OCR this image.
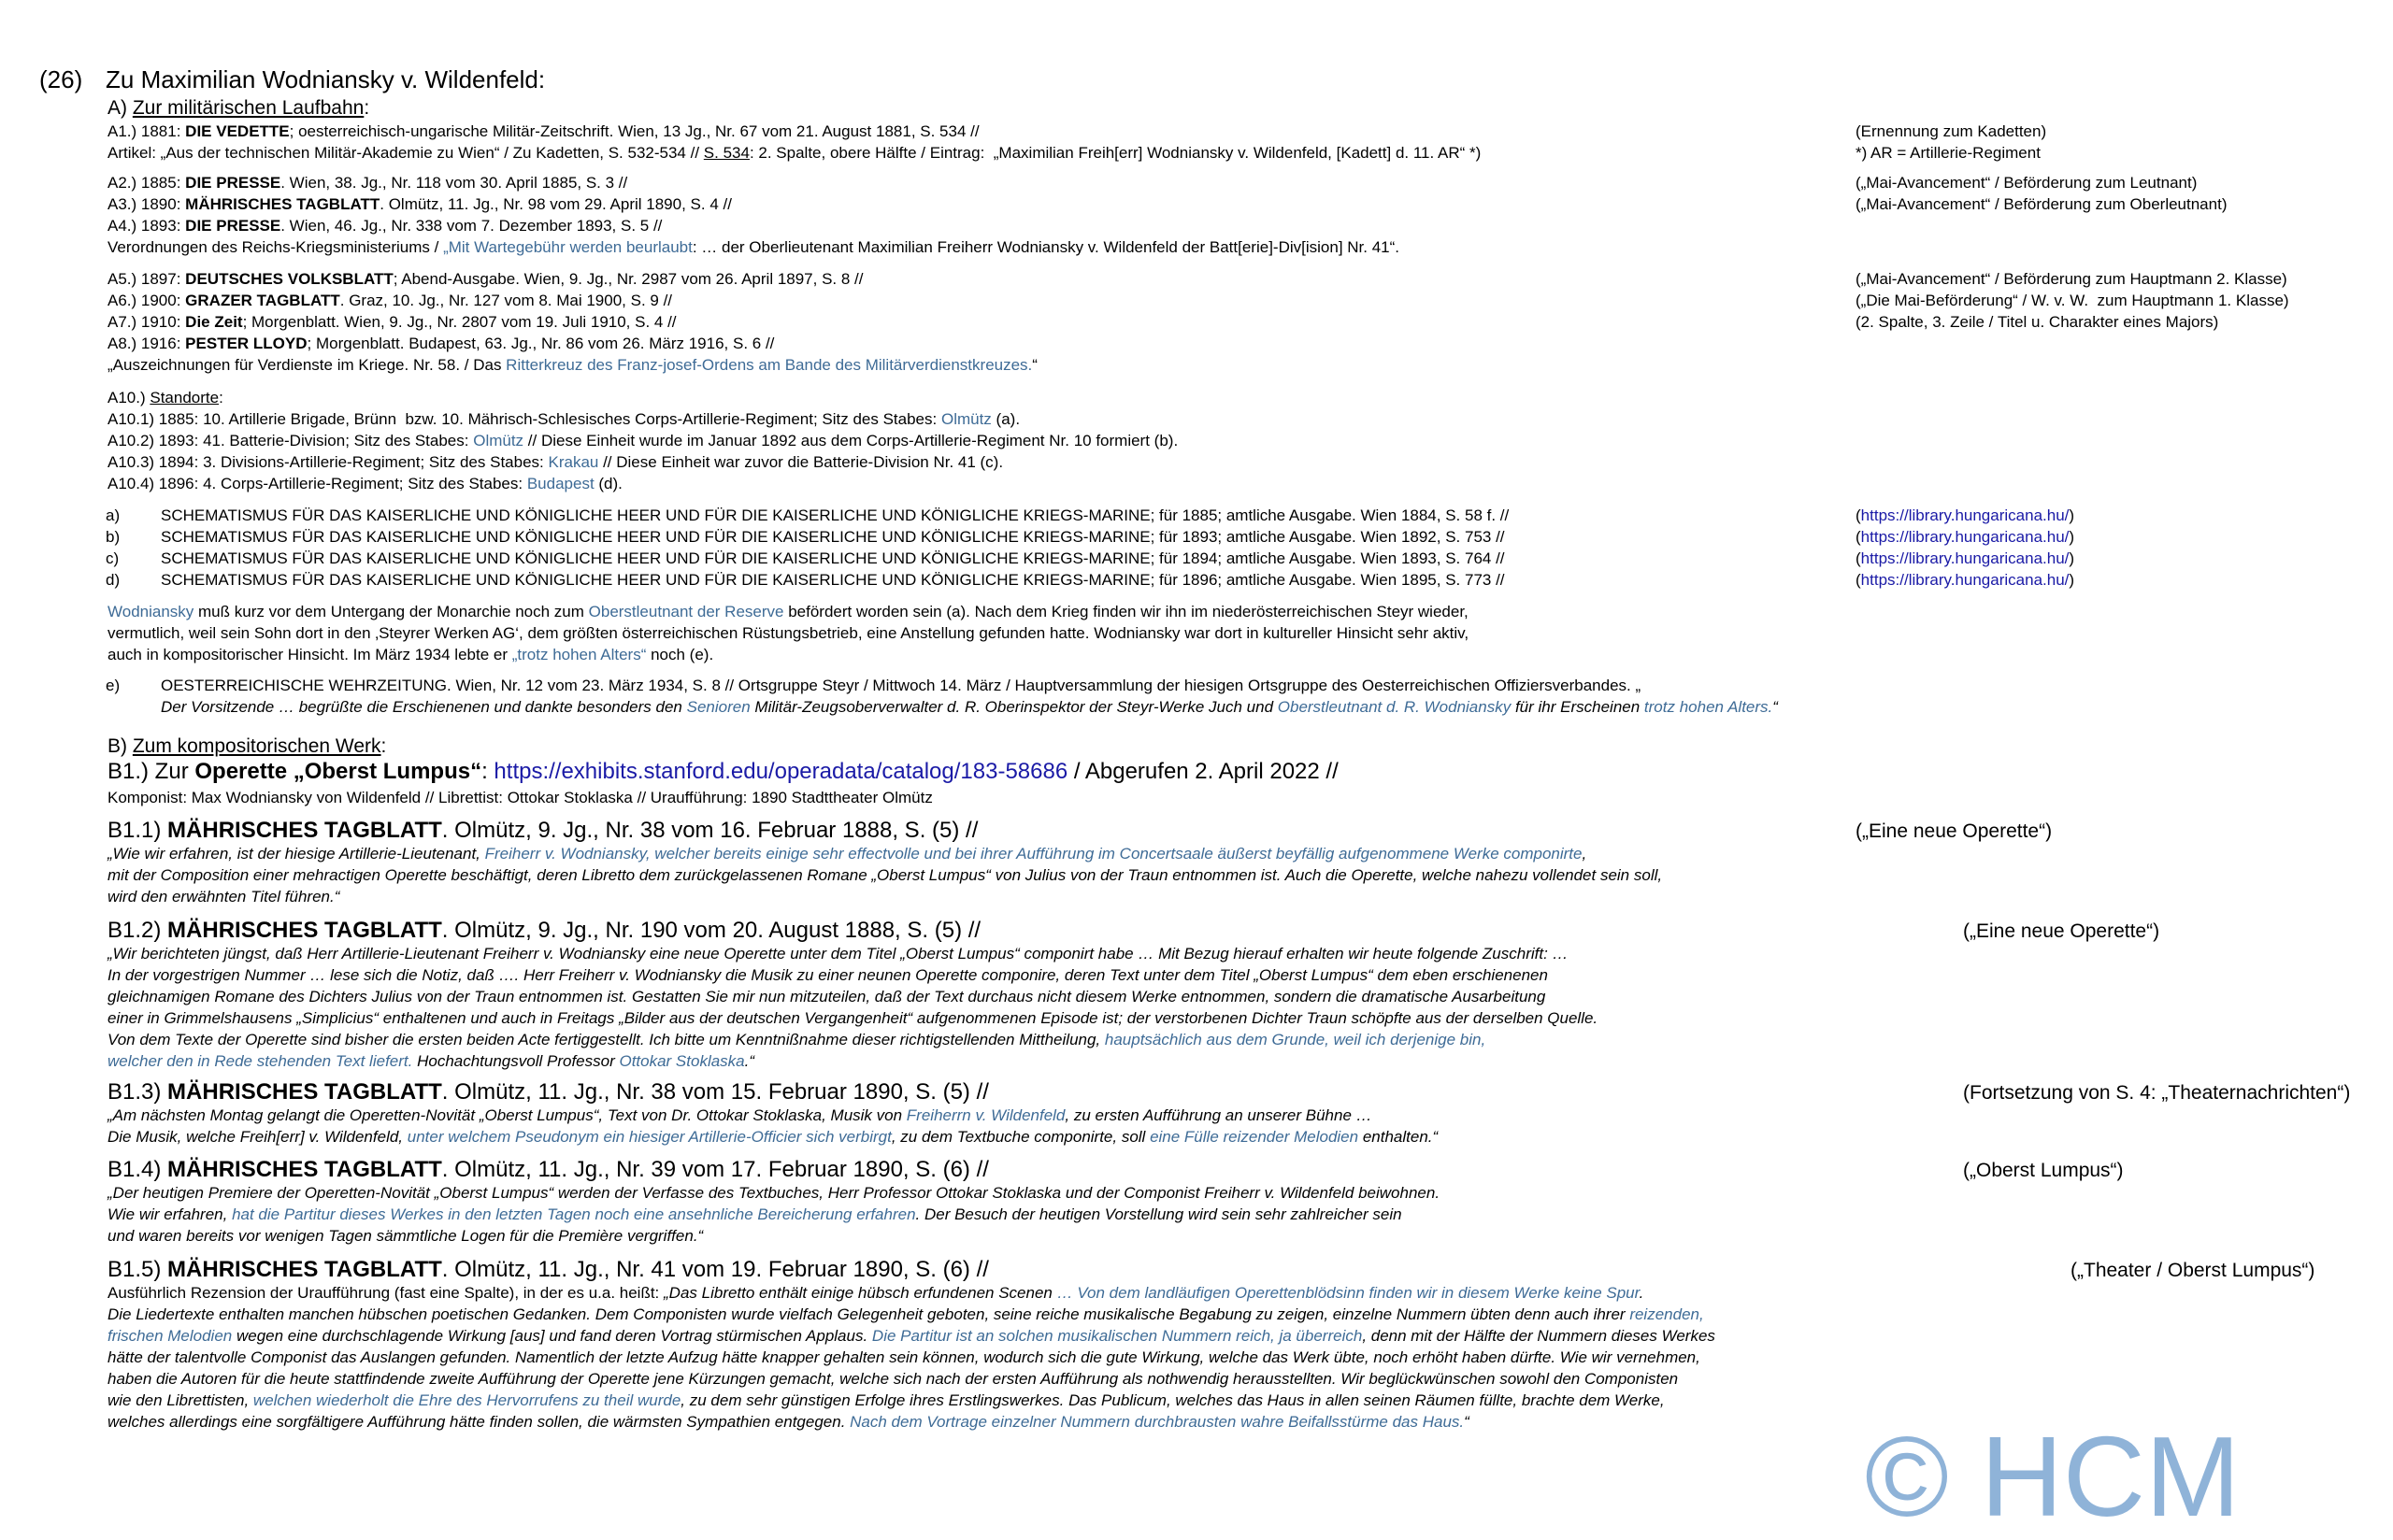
(26) Zu Maximilian Wodniansky v. Wildenfeld:
A) Zur militärischen Laufbahn:
A1.) 1881: DIE VEDETTE; oesterreichisch-ungarische Militär-Zeitschrift. Wien, 13 Jg., Nr. 67 vom 21. August 1881, S. 534 //	(Ernennung zum Kadetten)
Artikel: „Aus der technischen Militär-Akademie zu Wien“ / Zu Kadetten, S. 532-534 // S. 534: 2. Spalte, obere Hälfte / Eintrag:  „Maximilian Freih[err] Wodniansky v. Wildenfeld, [Kadett] d. 11. AR“ *)	*) AR = Artillerie-Regiment
A2.) 1885: DIE PRESSE. Wien, 38. Jg., Nr. 118 vom 30. April 1885, S. 3 //	(„Mai-Avancement“ / Beförderung zum Leutnant)
A3.) 1890: MÄHRISCHES TAGBLATT. Olmütz, 11. Jg., Nr. 98 vom 29. April 1890, S. 4 //	(„Mai-Avancement“ / Beförderung zum Oberleutnant)
A4.) 1893: DIE PRESSE. Wien, 46. Jg., Nr. 338 vom 7. Dezember 1893, S. 5 //
Verordnungen des Reichs-Kriegsministeriums / „Mit Wartegebühr werden beurlaubt: … der Oberlieutenant Maximilian Freiherr Wodniansky v. Wildenfeld der Batt[erie]-Div[ision] Nr. 41“.
A5.) 1897: DEUTSCHES VOLKSBLATT; Abend-Ausgabe. Wien, 9. Jg., Nr. 2987 vom 26. April 1897, S. 8 //	(„Mai-Avancement“ / Beförderung zum Hauptmann 2. Klasse)
A6.) 1900: GRAZER TAGBLATT. Graz, 10. Jg., Nr. 127 vom 8. Mai 1900, S. 9 //	(„Die Mai-Beförderung“ / W. v. W.  zum Hauptmann 1. Klasse)
A7.) 1910: Die Zeit; Morgenblatt. Wien, 9. Jg., Nr. 2807 vom 19. Juli 1910, S. 4 //	(2. Spalte, 3. Zeile / Titel u. Charakter eines Majors)
A8.) 1916: PESTER LLOYD; Morgenblatt. Budapest, 63. Jg., Nr. 86 vom 26. März 1916, S. 6 //
„Auszeichnungen für Verdienste im Kriege. Nr. 58. / Das Ritterkreuz des Franz-josef-Ordens am Bande des Militärverdienstkreuzes.“
A10.) Standorte:
A10.1) 1885: 10. Artillerie Brigade, Brünn  bzw. 10. Mährisch-Schlesisches Corps-Artillerie-Regiment; Sitz des Stabes: Olmütz (a).
A10.2) 1893: 41. Batterie-Division; Sitz des Stabes: Olmütz // Diese Einheit wurde im Januar 1892 aus dem Corps-Artillerie-Regiment Nr. 10 formiert (b).
A10.3) 1894: 3. Divisions-Artillerie-Regiment; Sitz des Stabes: Krakau // Diese Einheit war zuvor die Batterie-Division Nr. 41 (c).
A10.4) 1896: 4. Corps-Artillerie-Regiment; Sitz des Stabes: Budapest (d).
a)	SCHEMATISMUS FÜR DAS KAISERLICHE UND KÖNIGLICHE HEER UND FÜR DIE KAISERLICHE UND KÖNIGLICHE KRIEGS-MARINE; für 1885; amtliche Ausgabe. Wien 1884, S. 58 f. //	(https://library.hungaricana.hu/)
b)	SCHEMATISMUS FÜR DAS KAISERLICHE UND KÖNIGLICHE HEER UND FÜR DIE KAISERLICHE UND KÖNIGLICHE KRIEGS-MARINE; für 1893; amtliche Ausgabe. Wien 1892, S. 753 //	(https://library.hungaricana.hu/)
c)	SCHEMATISMUS FÜR DAS KAISERLICHE UND KÖNIGLICHE HEER UND FÜR DIE KAISERLICHE UND KÖNIGLICHE KRIEGS-MARINE; für 1894; amtliche Ausgabe. Wien 1893, S. 764 //	(https://library.hungaricana.hu/)
d)	SCHEMATISMUS FÜR DAS KAISERLICHE UND KÖNIGLICHE HEER UND FÜR DIE KAISERLICHE UND KÖNIGLICHE KRIEGS-MARINE; für 1896; amtliche Ausgabe. Wien 1895, S. 773 //	(https://library.hungaricana.hu/)
Wodniansky muß kurz vor dem Untergang der Monarchie noch zum Oberstleutnant der Reserve befördert worden sein (a). Nach dem Krieg finden wir ihn im niederösterreichischen Steyr wieder,
vermutlich, weil sein Sohn dort in den ‚Steyrer Werken AG‘, dem größten österreichischen Rüstungsbetrieb, eine Anstellung gefunden hatte. Wodniansky war dort in kultureller Hinsicht sehr aktiv,
auch in kompositorischer Hinsicht. Im März 1934 lebte er „trotz hohen Alters“ noch (e).
e)	OESTERREICHISCHE WEHRZEITUNG. Wien, Nr. 12 vom 23. März 1934, S. 8 // Ortsgruppe Steyr / Mittwoch 14. März / Hauptversammlung der hiesigen Ortsgruppe des Oesterreichischen Offiziersverbandes. „
Der Vorsitzende … begrüßte die Erschienenen und dankte besonders den Senioren Militär-Zeugsoberverwalter d. R. Oberinspektor der Steyr-Werke Juch und Oberstleutnant d. R. Wodniansky für ihr Erscheinen trotz hohen Alters.“
B) Zum kompositorischen Werk:
B1.) Zur Operette „Oberst Lumpus“: https://exhibits.stanford.edu/operadata/catalog/183-58686 / Abgerufen 2. April 2022 //
Komponist: Max Wodniansky von Wildenfeld // Librettist: Ottokar Stoklaska // Uraufführung: 1890 Stadttheater Olmütz
B1.1) MÄHRISCHES TAGBLATT. Olmütz, 9. Jg., Nr. 38 vom 16. Februar 1888, S. (5) //	(„Eine neue Operette“)
„Wie wir erfahren, ist der hiesige Artillerie-Lieutenant, Freiherr v. Wodniansky, welcher bereits einige sehr effectvolle und bei ihrer Aufführung im Concertsaale äußerst beyfällig aufgenommene Werke componirte,
mit der Composition einer mehractigen Operette beschäftigt, deren Libretto dem zurückgelassenen Romane „Oberst Lumpus“ von Julius von der Traun entnommen ist. Auch die Operette, welche nahezu vollendet sein soll,
wird den erwähnten Titel führen.“
B1.2) MÄHRISCHES TAGBLATT. Olmütz, 9. Jg., Nr. 190 vom 20. August 1888, S. (5) //	(„Eine neue Operette“)
„Wir berichteten jüngst, daß Herr Artillerie-Lieutenant Freiherr v. Wodniansky eine neue Operette unter dem Titel „Oberst Lumpus“ componirt habe … Mit Bezug hierauf erhalten wir heute folgende Zuschrift: …
In der vorgestrigen Nummer … lese sich die Notiz, daß …. Herr Freiherr v. Wodniansky die Musik zu einer neunen Operette componire, deren Text unter dem Titel „Oberst Lumpus“ dem eben erschienenen
gleichnamigen Romane des Dichters Julius von der Traun entnommen ist. Gestatten Sie mir nun mitzuteilen, daß der Text durchaus nicht diesem Werke entnommen, sondern die dramatische Ausarbeitung
einer in Grimmelshausens „Simplicius“ enthaltenen und auch in Freitags „Bilder aus der deutschen Vergangenheit“ aufgenommenen Episode ist; der verstorbenen Dichter Traun schöpfte aus der derselben Quelle.
Von dem Texte der Operette sind bisher die ersten beiden Acte fertiggestellt. Ich bitte um Kenntnißnahme dieser richtigstellenden Mittheilung, hauptsächlich aus dem Grunde, weil ich derjenige bin,
welcher den in Rede stehenden Text liefert. Hochachtungsvoll Professor Ottokar Stoklaska.“
B1.3) MÄHRISCHES TAGBLATT. Olmütz, 11. Jg., Nr. 38 vom 15. Februar 1890, S. (5) //	(Fortsetzung von S. 4: „Theaternachrichten“)
„Am nächsten Montag gelangt die Operetten-Novität „Oberst Lumpus“, Text von Dr. Ottokar Stoklaska, Musik von Freiherrn v. Wildenfeld, zu ersten Aufführung an unserer Bühne …
Die Musik, welche Freih[err] v. Wildenfeld, unter welchem Pseudonym ein hiesiger Artillerie-Officier sich verbirgt, zu dem Textbuche componirte, soll eine Fülle reizender Melodien enthalten.“
B1.4) MÄHRISCHES TAGBLATT. Olmütz, 11. Jg., Nr. 39 vom 17. Februar 1890, S. (6) //	(„Oberst Lumpus“)
„Der heutigen Premiere der Operetten-Novität „Oberst Lumpus“ werden der Verfasse des Textbuches, Herr Professor Ottokar Stoklaska und der Componist Freiherr v. Wildenfeld beiwohnen.
Wie wir erfahren, hat die Partitur dieses Werkes in den letzten Tagen noch eine ansehnliche Bereicherung erfahren. Der Besuch der heutigen Vorstellung wird sein sehr zahlreicher sein
und waren bereits vor wenigen Tagen sämmtliche Logen für die Première vergriffen.“
B1.5) MÄHRISCHES TAGBLATT. Olmütz, 11. Jg., Nr. 41 vom 19. Februar 1890, S. (6) //	(„Theater / Oberst Lumpus“)
Ausführlich Rezension der Uraufführung (fast eine Spalte), in der es u.a. heißt: „Das Libretto enthält einige hübsch erfundenen Scenen … Von dem landläufigen Operettenblödsinn finden wir in diesem Werke keine Spur.
Die Liedertexte enthalten manchen hübschen poetischen Gedanken. Dem Componisten wurde vielfach Gelegenheit geboten, seine reiche musikalische Begabung zu zeigen, einzelne Nummern übten denn auch ihrer reizenden,
frischen Melodien wegen eine durchschlagende Wirkung [aus] und fand deren Vortrag stürmischen Applaus. Die Partitur ist an solchen musikalischen Nummern reich, ja überreich, denn mit der Hälfte der Nummern dieses Werkes
hätte der talentvolle Componist das Auslangen gefunden. Namentlich der letzte Aufzug hätte knapper gehalten sein können, wodurch sich die gute Wirkung, welche das Werk übte, noch erhöht haben dürfte. Wie wir vernehmen,
haben die Autoren für die heute stattfindende zweite Aufführung der Operette jene Kürzungen gemacht, welche sich nach der ersten Aufführung als nothwendig herausstellten. Wir beglückwünschen sowohl den Componisten
wie den Librettisten, welchen wiederholt die Ehre des Hervorrufens zu theil wurde, zu dem sehr günstigen Erfolge ihres Erstlingswerkes. Das Publicum, welches das Haus in allen seinen Räumen füllte, brachte dem Werke,
welches allerdings eine sorgfältigere Aufführung hätte finden sollen, die wärmsten Sympathien entgegen. Nach dem Vortrage einzelner Nummern durchbrausten wahre Beifallsstürme das Haus.“	© HCM
